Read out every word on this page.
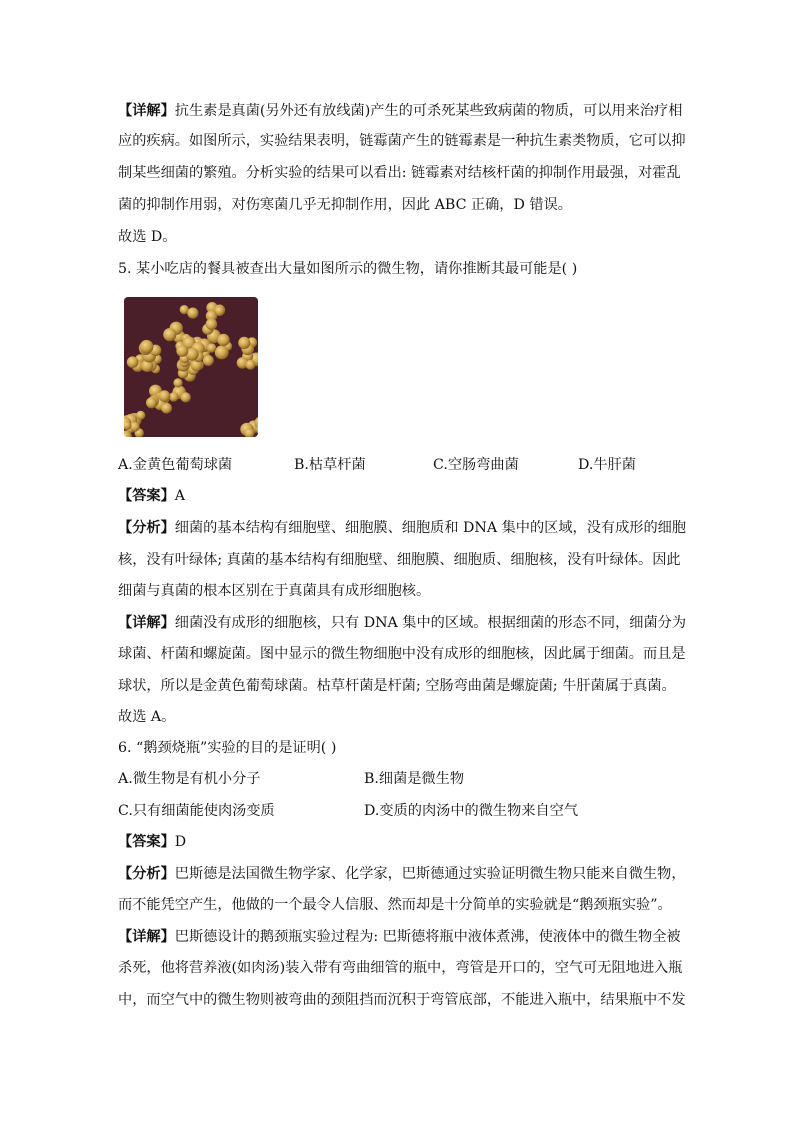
【详解】抗生素是真菌(另外还有放线菌)产生的可杀死某些致病菌的物质，可以用来治疗相
应的疾病。如图所示，实验结果表明，链霉菌产生的链霉素是一种抗生素类物质，它可以抑
制某些细菌的繁殖。分析实验的结果可以看出: 链霉素对结核杆菌的抑制作用最强，对霍乱
菌的抑制作用弱，对伤寒菌几乎无抑制作用，因此 ABC 正确，D 错误。
故选 D。
5. 某小吃店的餐具被查出大量如图所示的微生物，请你推断其最可能是( )
A.金黄色葡萄球菌	B.枯草杆菌	C.空肠弯曲菌	D.牛肝菌
【答案】A
【分析】细菌的基本结构有细胞壁、细胞膜、细胞质和 DNA 集中的区域，没有成形的细胞
核，没有叶绿体; 真菌的基本结构有细胞壁、细胞膜、细胞质、细胞核，没有叶绿体。因此
细菌与真菌的根本区别在于真菌具有成形细胞核。
【详解】细菌没有成形的细胞核，只有 DNA 集中的区域。根据细菌的形态不同，细菌分为
球菌、杆菌和螺旋菌。图中显示的微生物细胞中没有成形的细胞核，因此属于细菌。而且是
球状，所以是金黄色葡萄球菌。枯草杆菌是杆菌; 空肠弯曲菌是螺旋菌; 牛肝菌属于真菌。
故选 A。
6. “鹅颈烧瓶”实验的目的是证明( )
A.微生物是有机小分子	B.细菌是微生物
C.只有细菌能使肉汤变质	D.变质的肉汤中的微生物来自空气
【答案】D
【分析】巴斯德是法国微生物学家、化学家，巴斯德通过实验证明微生物只能来自微生物，
而不能凭空产生，他做的一个最令人信服、然而却是十分简单的实验就是“鹅颈瓶实验”。
【详解】巴斯德设计的鹅颈瓶实验过程为: 巴斯德将瓶中液体煮沸，使液体中的微生物全被
杀死，他将营养液(如肉汤)装入带有弯曲细管的瓶中，弯管是开口的，空气可无阻地进入瓶
中，而空气中的微生物则被弯曲的颈阻挡而沉积于弯管底部，不能进入瓶中，结果瓶中不发
